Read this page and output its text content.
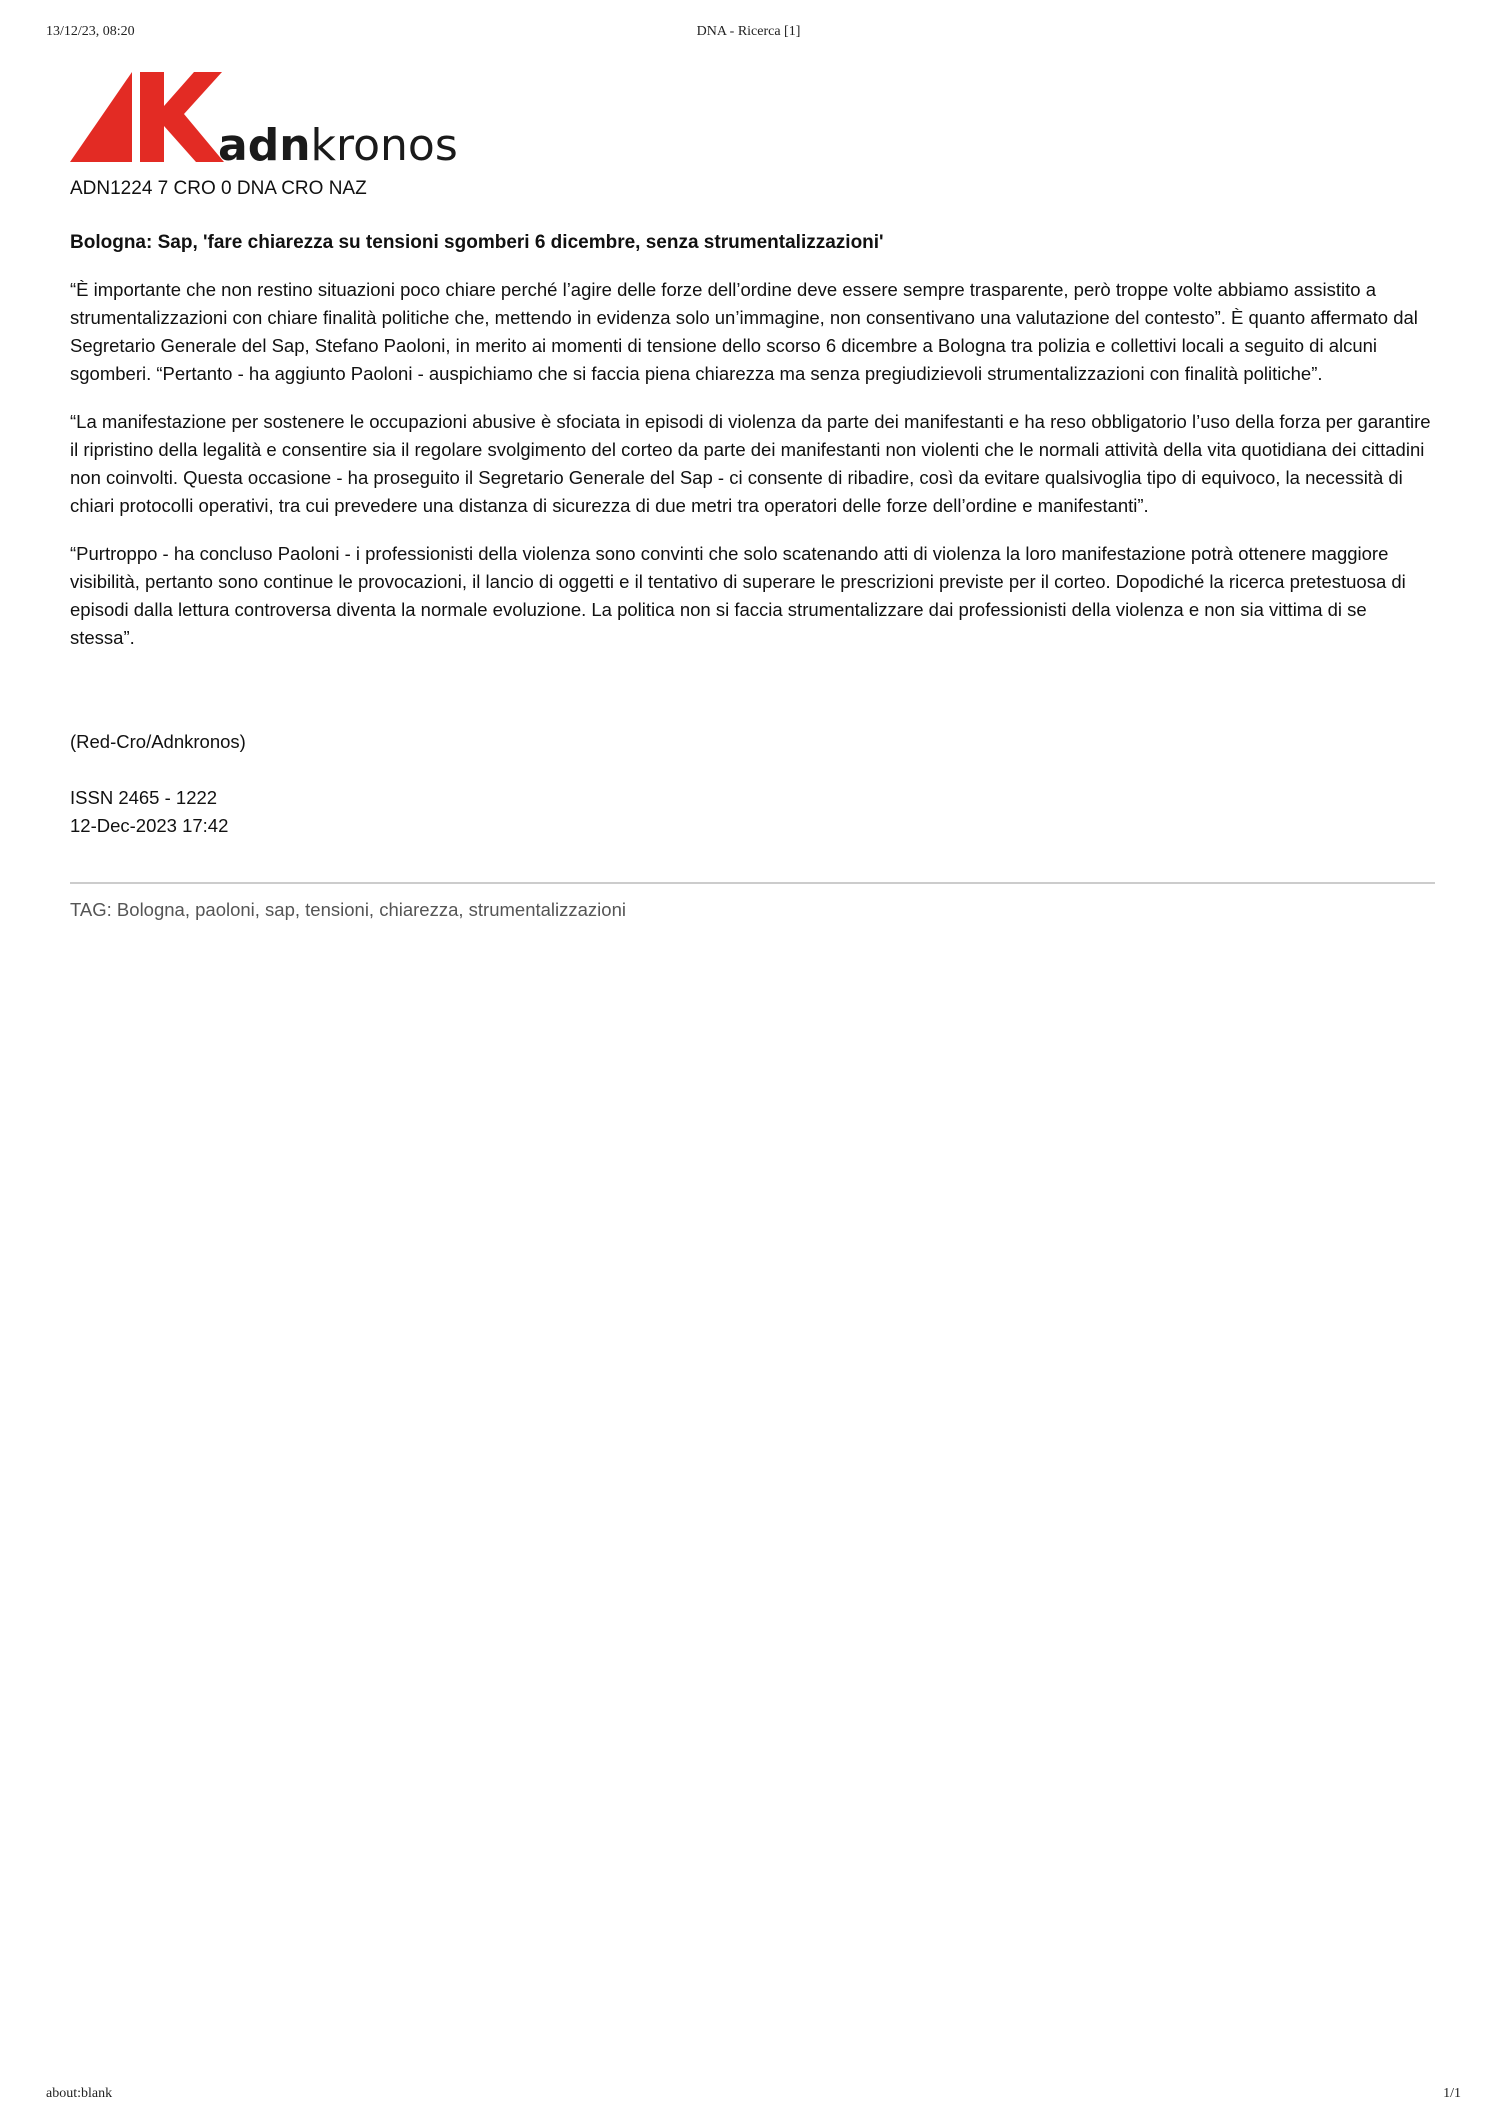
DNA - Ricerca [1]
13/12/23, 08:20
adnkronos

ADN1224 7 CRO 0 DNA CRO NAZ

Bologna: Sap, 'fare chiarezza su tensioni sgomberi 6 dicembre, senza strumentalizzazioni'

“È importante che non restino situazioni poco chiare perché l’agire delle forze dell’ordine deve essere sempre trasparente, però troppe volte abbiamo assistito a strumentalizzazioni con chiare finalità politiche che, mettendo in evidenza solo un’immagine, non consentivano una valutazione del contesto”. È quanto affermato dal Segretario Generale del Sap, Stefano Paoloni, in merito ai momenti di tensione dello scorso 6 dicembre a Bologna tra polizia e collettivi locali a seguito di alcuni sgomberi. “Pertanto - ha aggiunto Paoloni - auspichiamo che si faccia piena chiarezza ma senza pregiudizievoli strumentalizzazioni con finalità politiche”.

“La manifestazione per sostenere le occupazioni abusive è sfociata in episodi di violenza da parte dei manifestanti e ha reso obbligatorio l’uso della forza per garantire il ripristino della legalità e consentire sia il regolare svolgimento del corteo da parte dei manifestanti non violenti che le normali attività della vita quotidiana dei cittadini non coinvolti. Questa occasione - ha proseguito il Segretario Generale del Sap - ci consente di ribadire, così da evitare qualsivoglia tipo di equivoco, la necessità di chiari protocolli operativi, tra cui prevedere una distanza di sicurezza di due metri tra operatori delle forze dell’ordine e manifestanti”.

“Purtroppo - ha concluso Paoloni - i professionisti della violenza sono convinti che solo scatenando atti di violenza la loro manifestazione potrà ottenere maggiore visibilità, pertanto sono continue le provocazioni, il lancio di oggetti e il tentativo di superare le prescrizioni previste per il corteo. Dopodiché la ricerca pretestuosa di episodi dalla lettura controversa diventa la normale evoluzione. La politica non si faccia strumentalizzare dai professionisti della violenza e non sia vittima di se stessa”.

(Red-Cro/Adnkronos)

ISSN 2465 - 1222

12-Dec-2023 17:42

TAG: Bologna, paoloni, sap, tensioni, chiarezza, strumentalizzazioni
about:blank	1/1
